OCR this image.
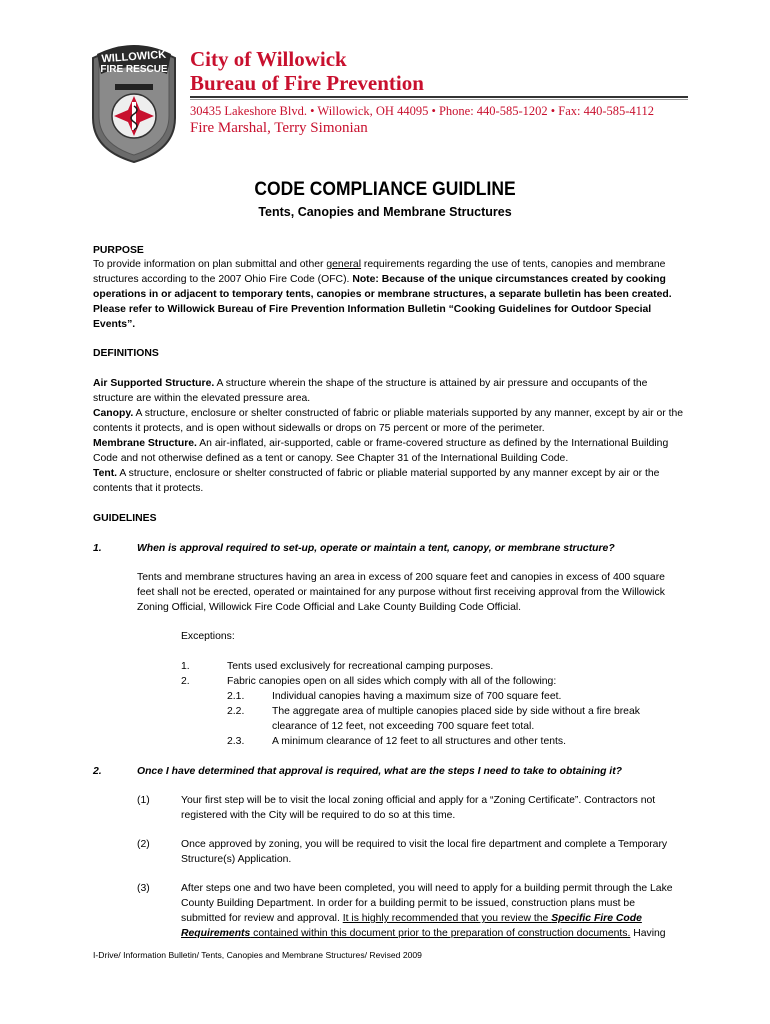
WILLOWICK
FIRE RESCUE City of Willowick
Bureau of Fire Prevention
30435 Lakeshore Blvd. • Willowick, OH 44095 • Phone: 440-585-1202 • Fax: 440-585-4112
Fire Marshal, Terry Simonian
CODE COMPLIANCE GUIDLINE
Tents, Canopies and Membrane Structures
PURPOSE
To provide information on plan submittal and other general requirements regarding the use of tents, canopies and membrane
structures according to the 2007 Ohio Fire Code (OFC). Note: Because of the unique circumstances created by cooking
operations in or adjacent to temporary tents, canopies or membrane structures, a separate bulletin has been created.
Please refer to Willowick Bureau of Fire Prevention Information Bulletin “Cooking Guidelines for Outdoor Special
Events”.
DEFINITIONS
Air Supported Structure. A structure wherein the shape of the structure is attained by air pressure and occupants of the
structure are within the elevated pressure area.
Canopy. A structure, enclosure or shelter constructed of fabric or pliable materials supported by any manner, except by air or the
contents it protects, and is open without sidewalls or drops on 75 percent or more of the perimeter.
Membrane Structure. An air-inflated, air-supported, cable or frame-covered structure as defined by the International Building
Code and not otherwise defined as a tent or canopy. See Chapter 31 of the International Building Code.
Tent. A structure, enclosure or shelter constructed of fabric or pliable material supported by any manner except by air or the
contents that it protects.
GUIDELINES
1.	When is approval required to set-up, operate or maintain a tent, canopy, or membrane structure?
Tents and membrane structures having an area in excess of 200 square feet and canopies in excess of 400 square
feet shall not be erected, operated or maintained for any purpose without first receiving approval from the Willowick
Zoning Official, Willowick Fire Code Official and Lake County Building Code Official.
Exceptions:
1.	Tents used exclusively for recreational camping purposes.
2.	Fabric canopies open on all sides which comply with all of the following:
2.1.	Individual canopies having a maximum size of 700 square feet.
2.2.	The aggregate area of multiple canopies placed side by side without a fire break
clearance of 12 feet, not exceeding 700 square feet total.
2.3.	A minimum clearance of 12 feet to all structures and other tents.
2.	Once I have determined that approval is required, what are the steps I need to take to obtaining it?
(1)	Your first step will be to visit the local zoning official and apply for a “Zoning Certificate”. Contractors not
registered with the City will be required to do so at this time.
(2)	Once approved by zoning, you will be required to visit the local fire department and complete a Temporary
Structure(s) Application.
(3)	After steps one and two have been completed, you will need to apply for a building permit through the Lake
County Building Department. In order for a building permit to be issued, construction plans must be
submitted for review and approval. It is highly recommended that you review the Specific Fire Code
Requirements contained within this document prior to the preparation of construction documents. Having
I-Drive/ Information Bulletin/ Tents, Canopies and Membrane Structures/ Revised 2009
